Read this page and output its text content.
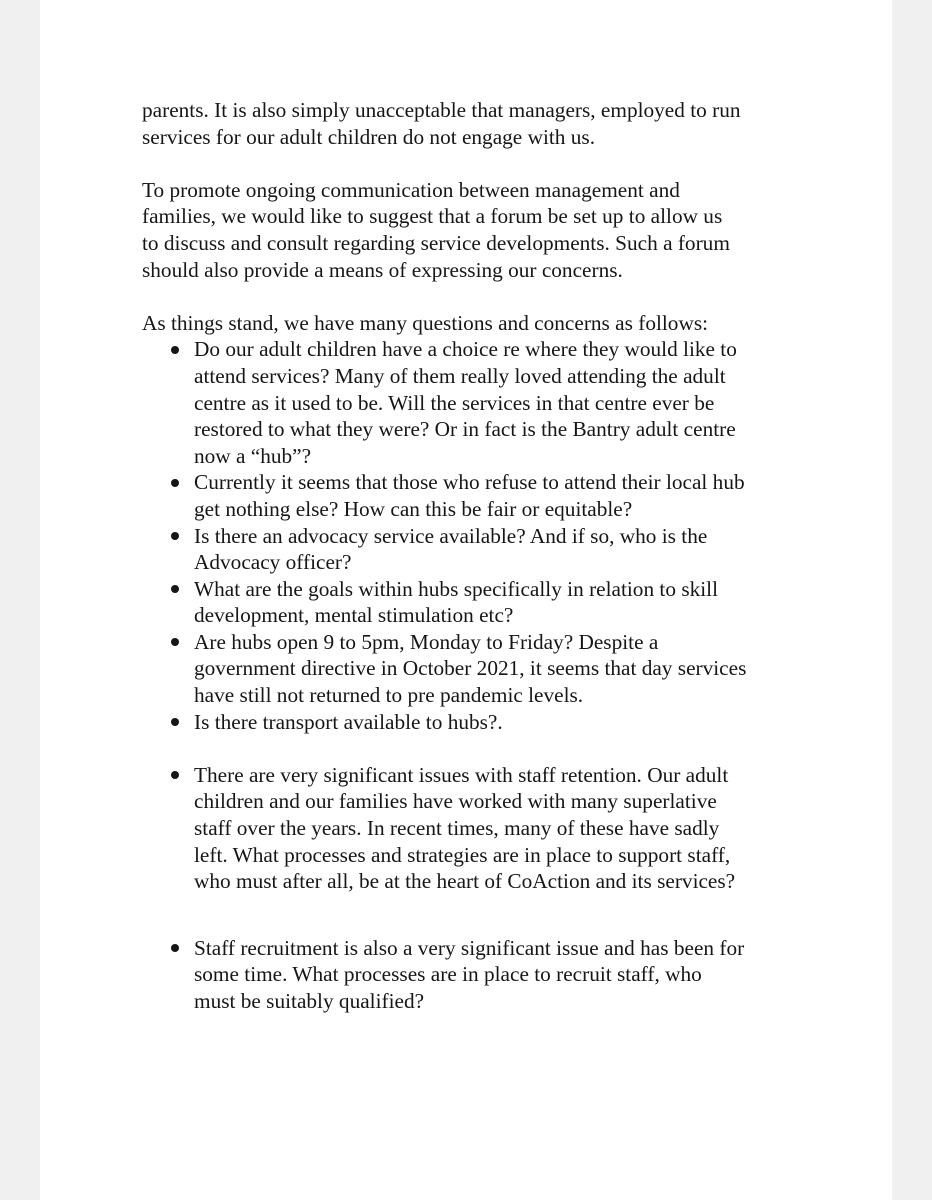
parents. It is also simply unacceptable that managers, employed to run
services for our adult children do not engage with us.

To promote ongoing communication between management and
families, we would like to suggest that a forum be set up to allow us
to discuss and consult regarding service developments. Such a forum
should also provide a means of expressing our concerns.

As things stand, we have many questions and concerns as follows:

Do our adult children have a choice re where they would like to
attend services? Many of them really loved attending the adult
centre as it used to be. Will the services in that centre ever be
restored to what they were? Or in fact is the Bantry adult centre
now a “hub”?
Currently it seems that those who refuse to attend their local hub
get nothing else? How can this be fair or equitable?
Is there an advocacy service available? And if so, who is the
Advocacy officer?
What are the goals within hubs specifically in relation to skill
development, mental stimulation etc?
Are hubs open 9 to 5pm, Monday to Friday? Despite a
government directive in October 2021, it seems that day services
have still not returned to pre pandemic levels.
Is there transport available to hubs?.
There are very significant issues with staff retention. Our adult
children and our families have worked with many superlative
staff over the years. In recent times, many of these have sadly
left. What processes and strategies are in place to support staff,
who must after all, be at the heart of CoAction and its services?
Staff recruitment is also a very significant issue and has been for
some time. What processes are in place to recruit staff, who
must be suitably qualified?
